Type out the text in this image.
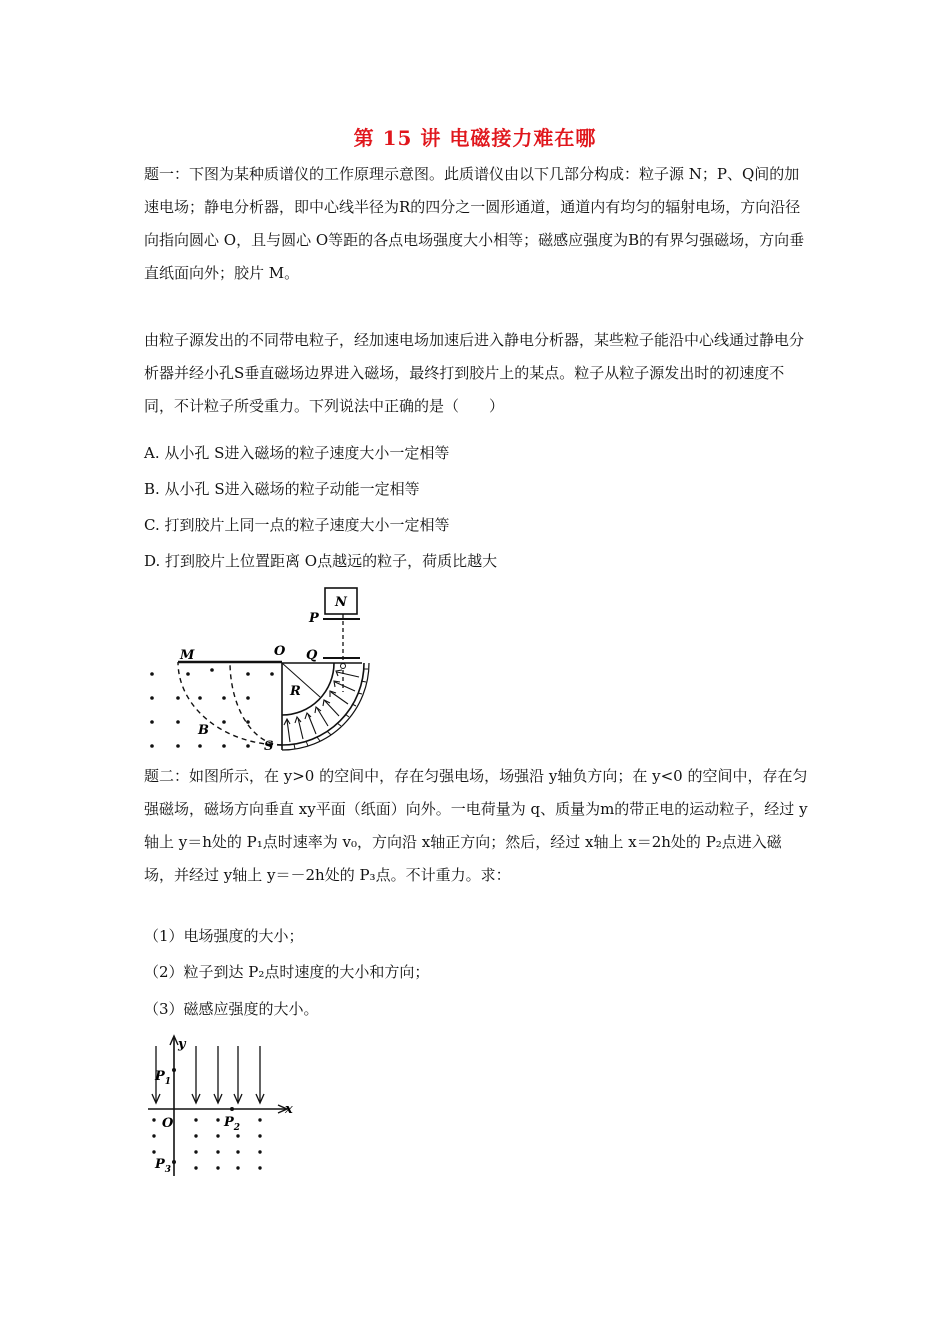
第 15 讲 电磁接力难在哪

题一：下图为某种质谱仪的工作原理示意图。此质谱仪由以下几部分构成：粒子源 N；P、Q间的加速电场；静电分析器，即中心线半径为R的四分之一圆形通道，通道内有均匀的辐射电场，方向沿径向指向圆心 O，且与圆心 O等距的各点电场强度大小相等；磁感应强度为B的有界匀强磁场，方向垂直纸面向外；胶片 M。

由粒子源发出的不同带电粒子，经加速电场加速后进入静电分析器，某些粒子能沿中心线通过静电分析器并经小孔S垂直磁场边界进入磁场，最终打到胶片上的某点。粒子从粒子源发出时的初速度不同，不计粒子所受重力。下列说法中正确的是（　　）

A. 从小孔 S进入磁场的粒子速度大小一定相等

B. 从小孔 S进入磁场的粒子动能一定相等

C. 打到胶片上同一点的粒子速度大小一定相等

D. 打到胶片上位置距离 O点越远的粒子，荷质比越大

N
P
Q
M	O
R
S
B

题二：如图所示，在 y>0 的空间中，存在匀强电场，场强沿 y轴负方向；在 y<0 的空间中，存在匀强磁场，磁场方向垂直 xy平面（纸面）向外。一电荷量为 q、质量为m的带正电的运动粒子，经过 y轴上 y＝h处的 P₁点时速率为 v₀，方向沿 x轴正方向；然后，经过 x轴上 x＝2h处的 P₂点进入磁场，并经过 y轴上 y＝－2h处的 P₃点。不计重力。求：

（1）电场强度的大小；

（2）粒子到达 P₂点时速度的大小和方向；

（3）磁感应强度的大小。

y
x
$P_1$
O	$P_2$
$P_3$
